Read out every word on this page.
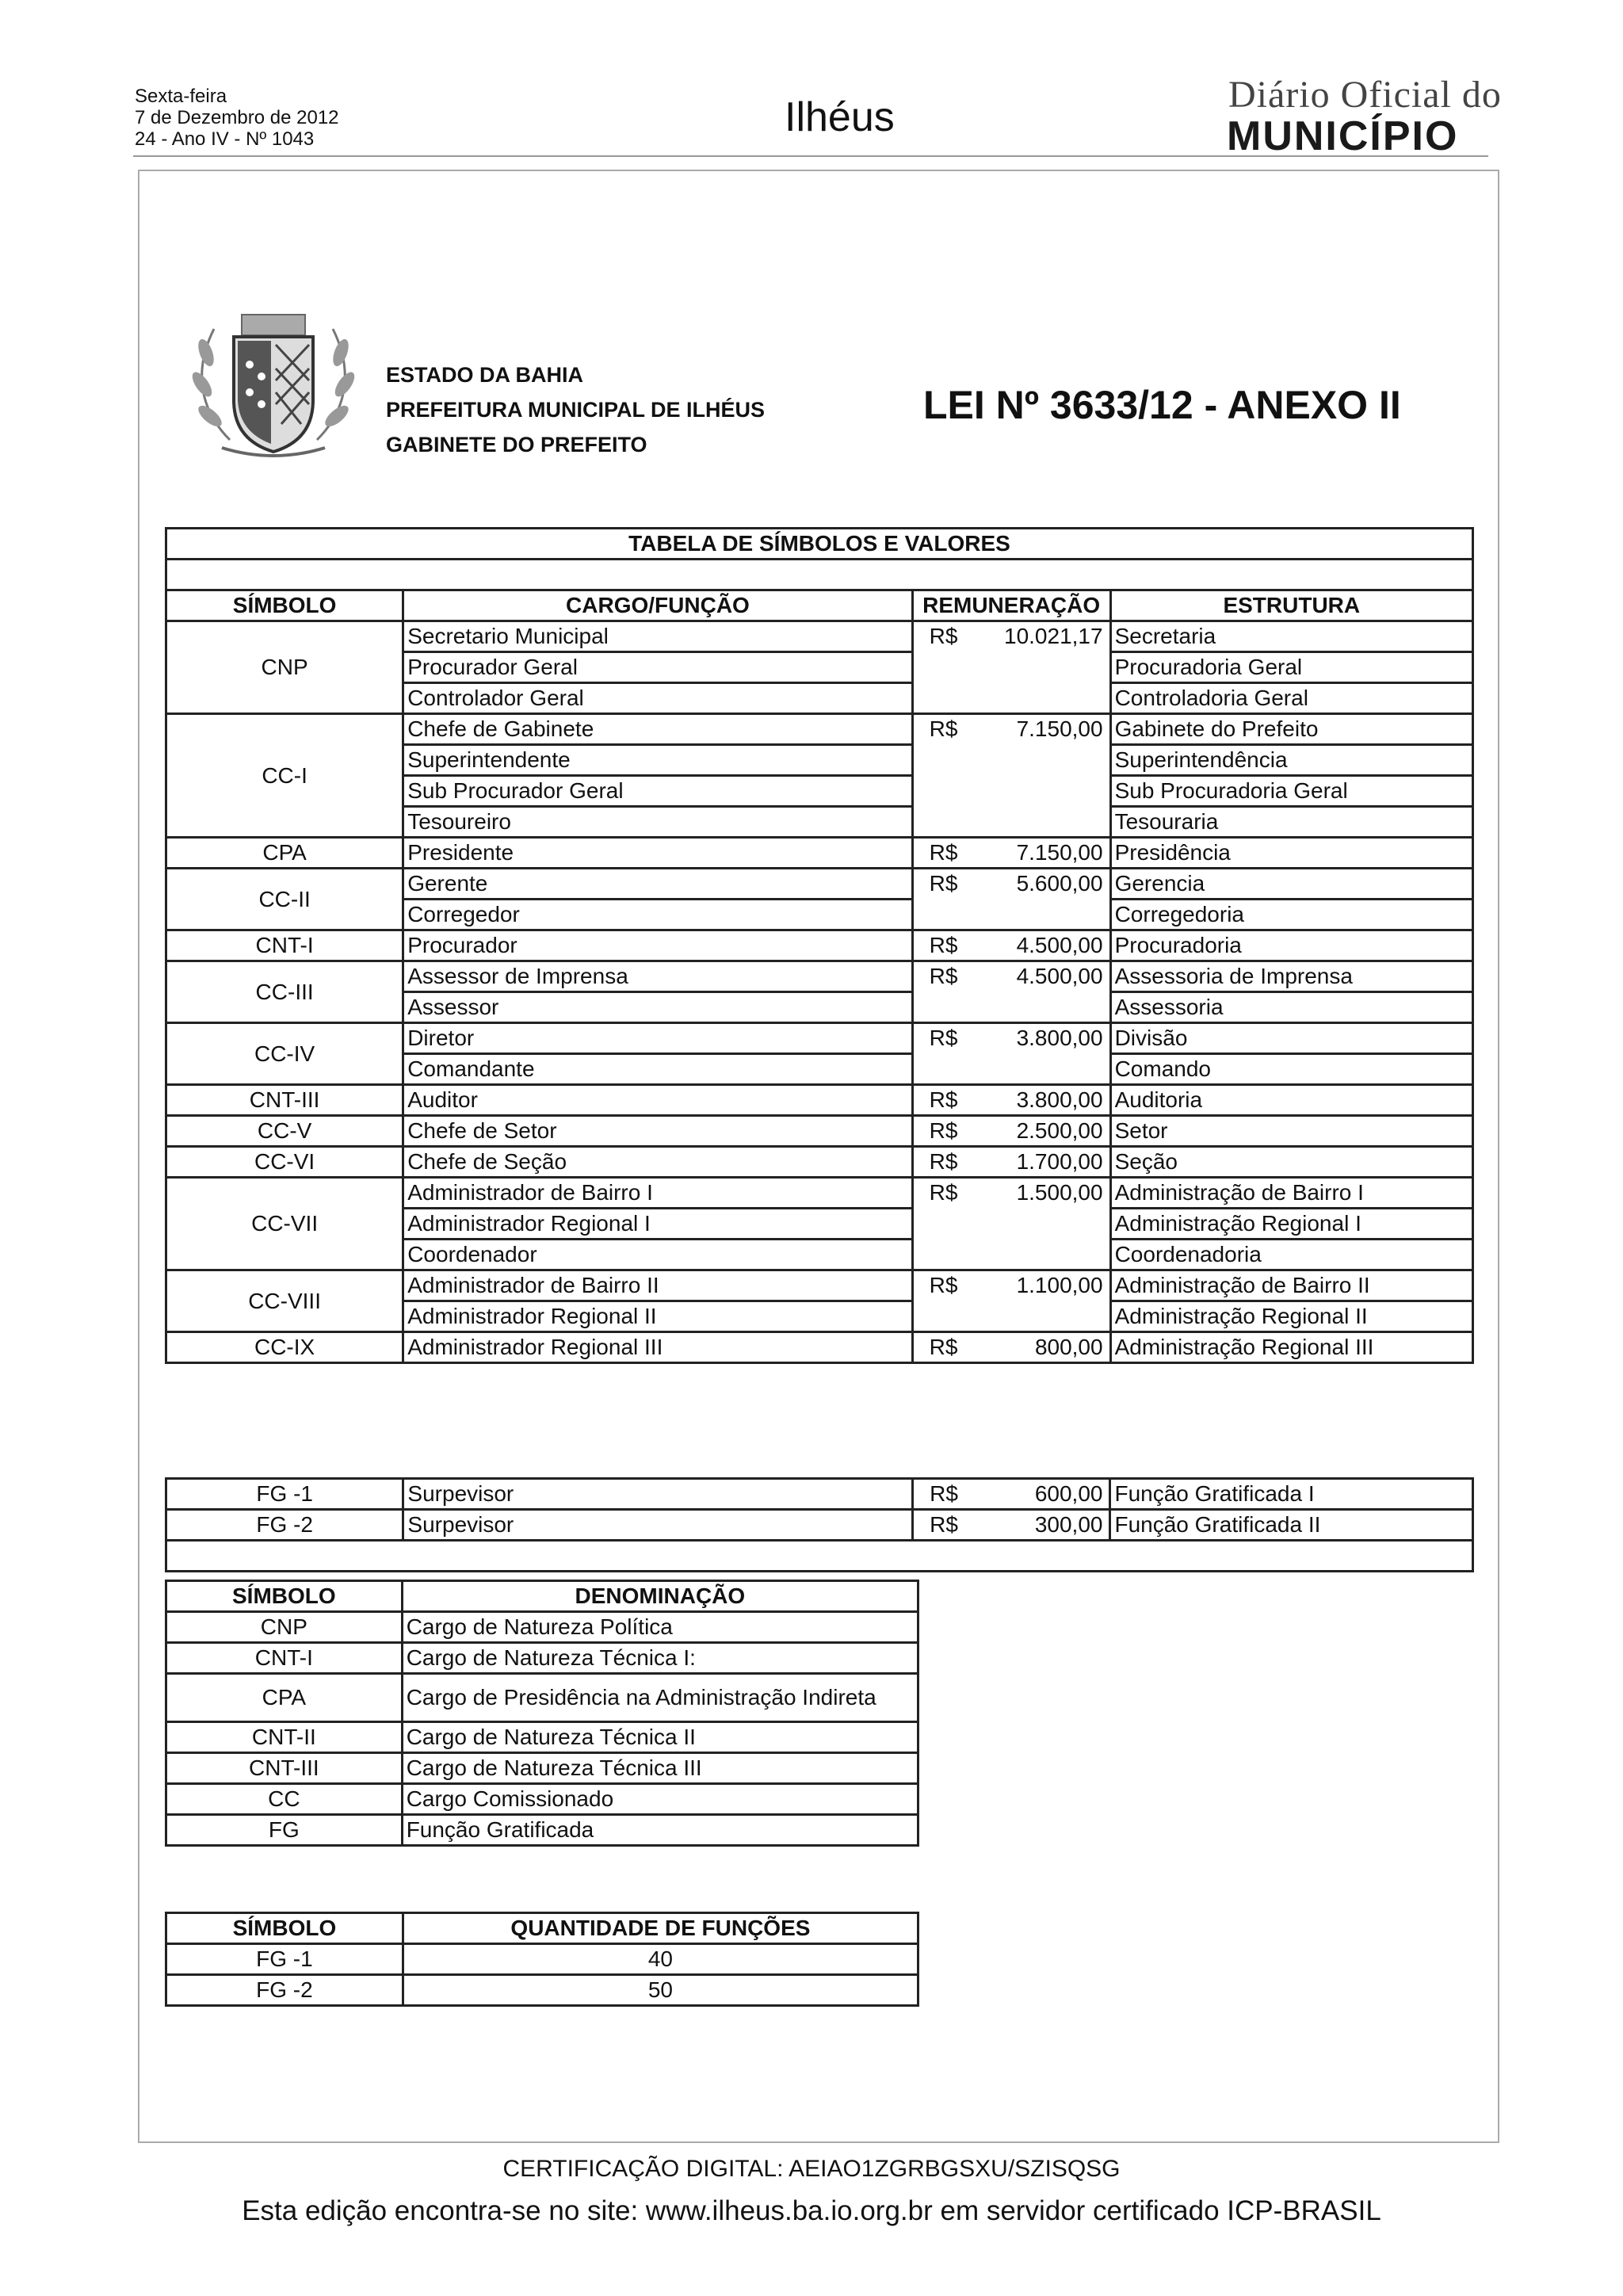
Sexta-feira
7 de Dezembro de 2012
24 - Ano IV - Nº 1043	Ilhéus	Diário Oficial do
MUNICÍPIO
ESTADO DA BAHIA
PREFEITURA MUNICIPAL DE ILHÉUS
GABINETE DO PREFEITO
LEI Nº 3633/12 - ANEXO II
TABELA DE SÍMBOLOS E VALORES			

SÍMBOLO	CARGO/FUNÇÃO	REMUNERAÇÃO	ESTRUTURA
CNP	Secretario Municipal	R$ 10.021,17	Secretaria
	Procurador Geral		Procuradoria Geral
	Controlador Geral		Controladoria Geral
CC-I	Chefe de Gabinete	R$ 7.150,00	Gabinete do Prefeito
	Superintendente		Superintendência
	Sub Procurador Geral		Sub Procuradoria Geral
	Tesoureiro		Tesouraria
CPA	Presidente	R$ 7.150,00	Presidência
CC-II	Gerente	R$ 5.600,00	Gerencia
	Corregedor		Corregedoria
CNT-I	Procurador	R$ 4.500,00	Procuradoria
CC-III	Assessor de Imprensa	R$ 4.500,00	Assessoria de Imprensa
	Assessor		Assessoria
CC-IV	Diretor	R$ 3.800,00	Divisão
	Comandante		Comando
CNT-III	Auditor	R$ 3.800,00	Auditoria
CC-V	Chefe de Setor	R$ 2.500,00	Setor
CC-VI	Chefe de Seção	R$ 1.700,00	Seção
CC-VII	Administrador de Bairro I	R$ 1.500,00	Administração de Bairro I
	Administrador Regional I		Administração Regional I
	Coordenador		Coordenadoria
CC-VIII	Administrador de Bairro II	R$ 1.100,00	Administração de Bairro II
	Administrador Regional II		Administração Regional II
CC-IX	Administrador Regional III	R$ 800,00	Administração Regional III
FG -1	Surpevisor	R$ 600,00	Função Gratificada I
FG -2	Surpevisor	R$ 300,00	Função Gratificada II

SÍMBOLO	DENOMINAÇÃO
CNP	Cargo de Natureza Política
CNT-I	Cargo de Natureza Técnica I:
CPA	Cargo de Presidência na Administração Indireta
CNT-II	Cargo de Natureza Técnica II
CNT-III	Cargo de Natureza Técnica III
CC	Cargo Comissionado
FG	Função Gratificada
SÍMBOLO	QUANTIDADE DE FUNÇÕES
FG -1	40
FG -2	50
CERTIFICAÇÃO DIGITAL: AEIAO1ZGRBGSXU/SZISQSG
Esta edição encontra-se no site: www.ilheus.ba.io.org.br em servidor certificado ICP-BRASIL
